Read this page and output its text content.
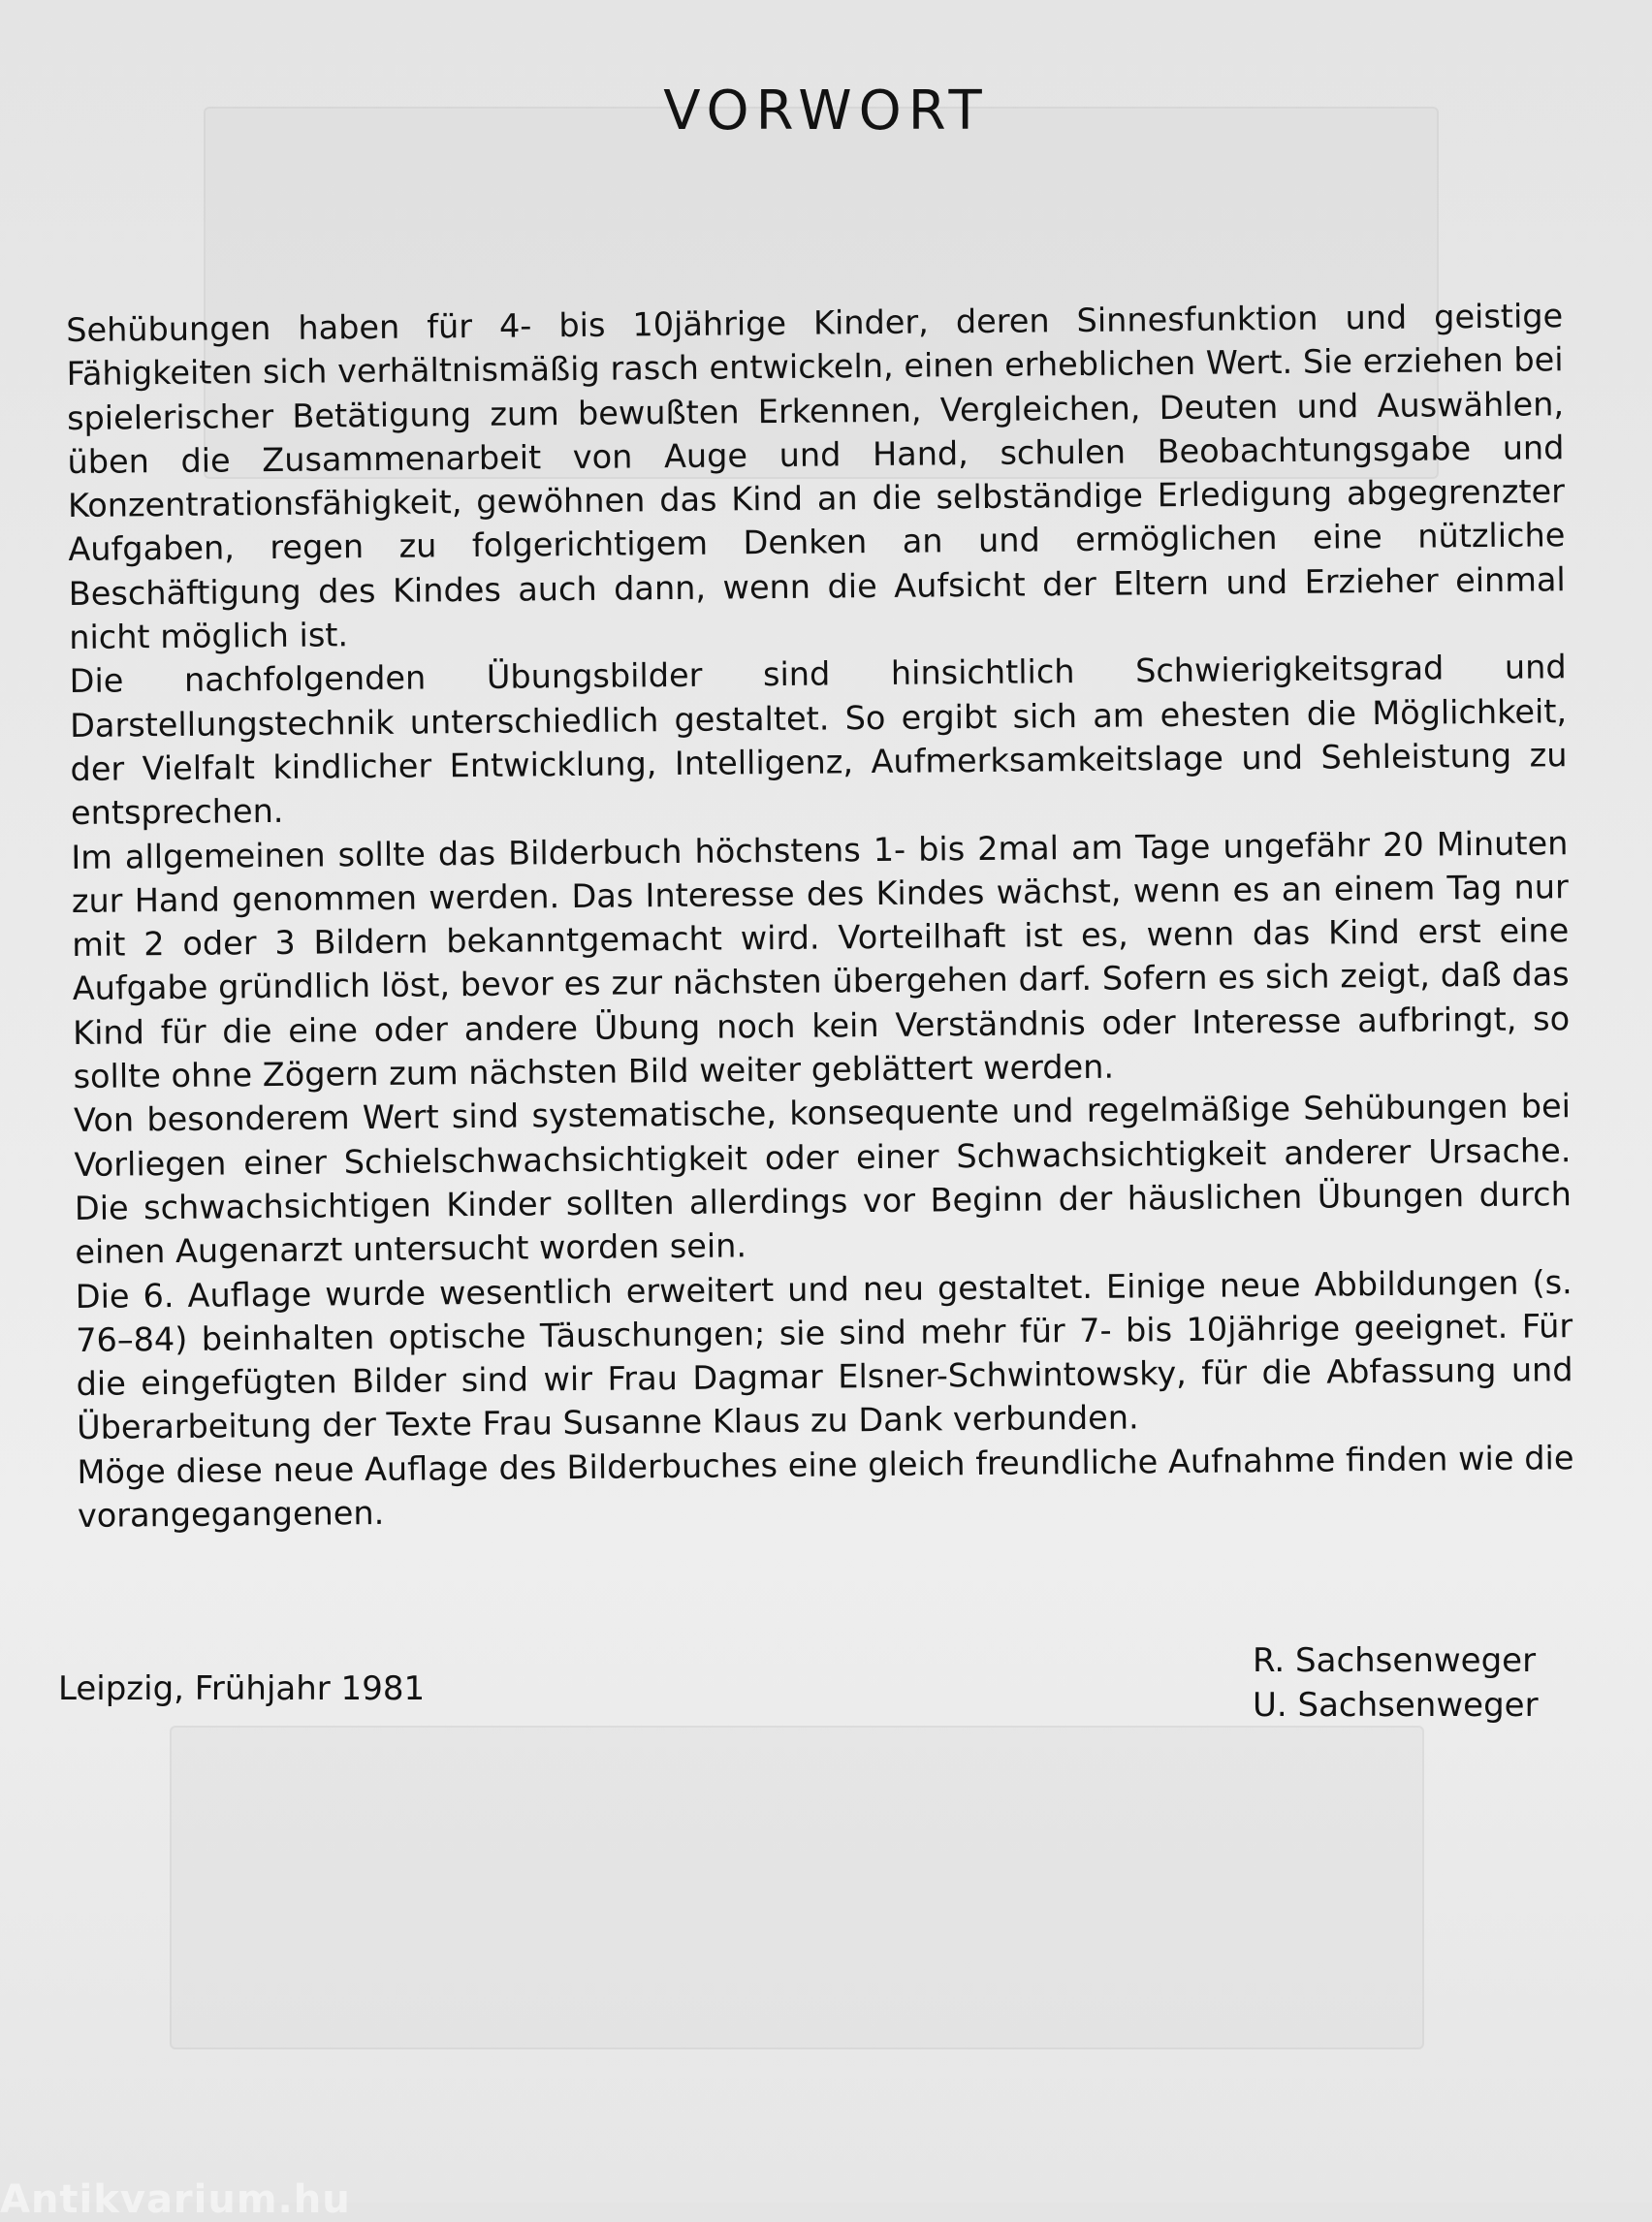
VORWORT

Sehübungen haben für 4- bis 10jährige Kinder, deren Sinnesfunktion und geistige Fähigkeiten sich verhältnismäßig rasch entwickeln, einen erheblichen Wert. Sie erziehen bei spielerischer Betätigung zum bewußten Erkennen, Vergleichen, Deuten und Auswählen, üben die Zusammenarbeit von Auge und Hand, schulen Beobachtungsgabe und Konzentrationsfähigkeit, gewöhnen das Kind an die selbständige Erledigung abgegrenzter Aufgaben, regen zu folgerichtigem Denken an und ermöglichen eine nützliche Beschäftigung des Kindes auch dann, wenn die Aufsicht der Eltern und Erzieher einmal nicht möglich ist.

Die nachfolgenden Übungsbilder sind hinsichtlich Schwierigkeitsgrad und Darstellungstechnik unterschiedlich gestaltet. So ergibt sich am ehesten die Möglichkeit, der Vielfalt kindlicher Entwicklung, Intelligenz, Aufmerksamkeitslage und Sehleistung zu entsprechen.

Im allgemeinen sollte das Bilderbuch höchstens 1- bis 2mal am Tage ungefähr 20 Minuten zur Hand genommen werden. Das Interesse des Kindes wächst, wenn es an einem Tag nur mit 2 oder 3 Bildern bekanntgemacht wird. Vorteilhaft ist es, wenn das Kind erst eine Aufgabe gründlich löst, bevor es zur nächsten übergehen darf. Sofern es sich zeigt, daß das Kind für die eine oder andere Übung noch kein Verständnis oder Interesse aufbringt, so sollte ohne Zögern zum nächsten Bild weiter geblättert werden.

Von besonderem Wert sind systematische, konsequente und regelmäßige Sehübungen bei Vorliegen einer Schielschwachsichtigkeit oder einer Schwachsichtigkeit anderer Ursache. Die schwachsichtigen Kinder sollten allerdings vor Beginn der häuslichen Übungen durch einen Augenarzt untersucht worden sein.

Die 6. Auflage wurde wesentlich erweitert und neu gestaltet. Einige neue Abbildungen (s. 76–84) beinhalten optische Täuschungen; sie sind mehr für 7- bis 10jährige geeignet. Für die eingefügten Bilder sind wir Frau Dagmar Elsner-Schwintowsky, für die Abfassung und Überarbeitung der Texte Frau Susanne Klaus zu Dank verbunden.

Möge diese neue Auflage des Bilderbuches eine gleich freundliche Aufnahme finden wie die vorangegangenen.

Leipzig, Frühjahr 1981

R. Sachsenweger
U. Sachsenweger
Antikvarium.hu
